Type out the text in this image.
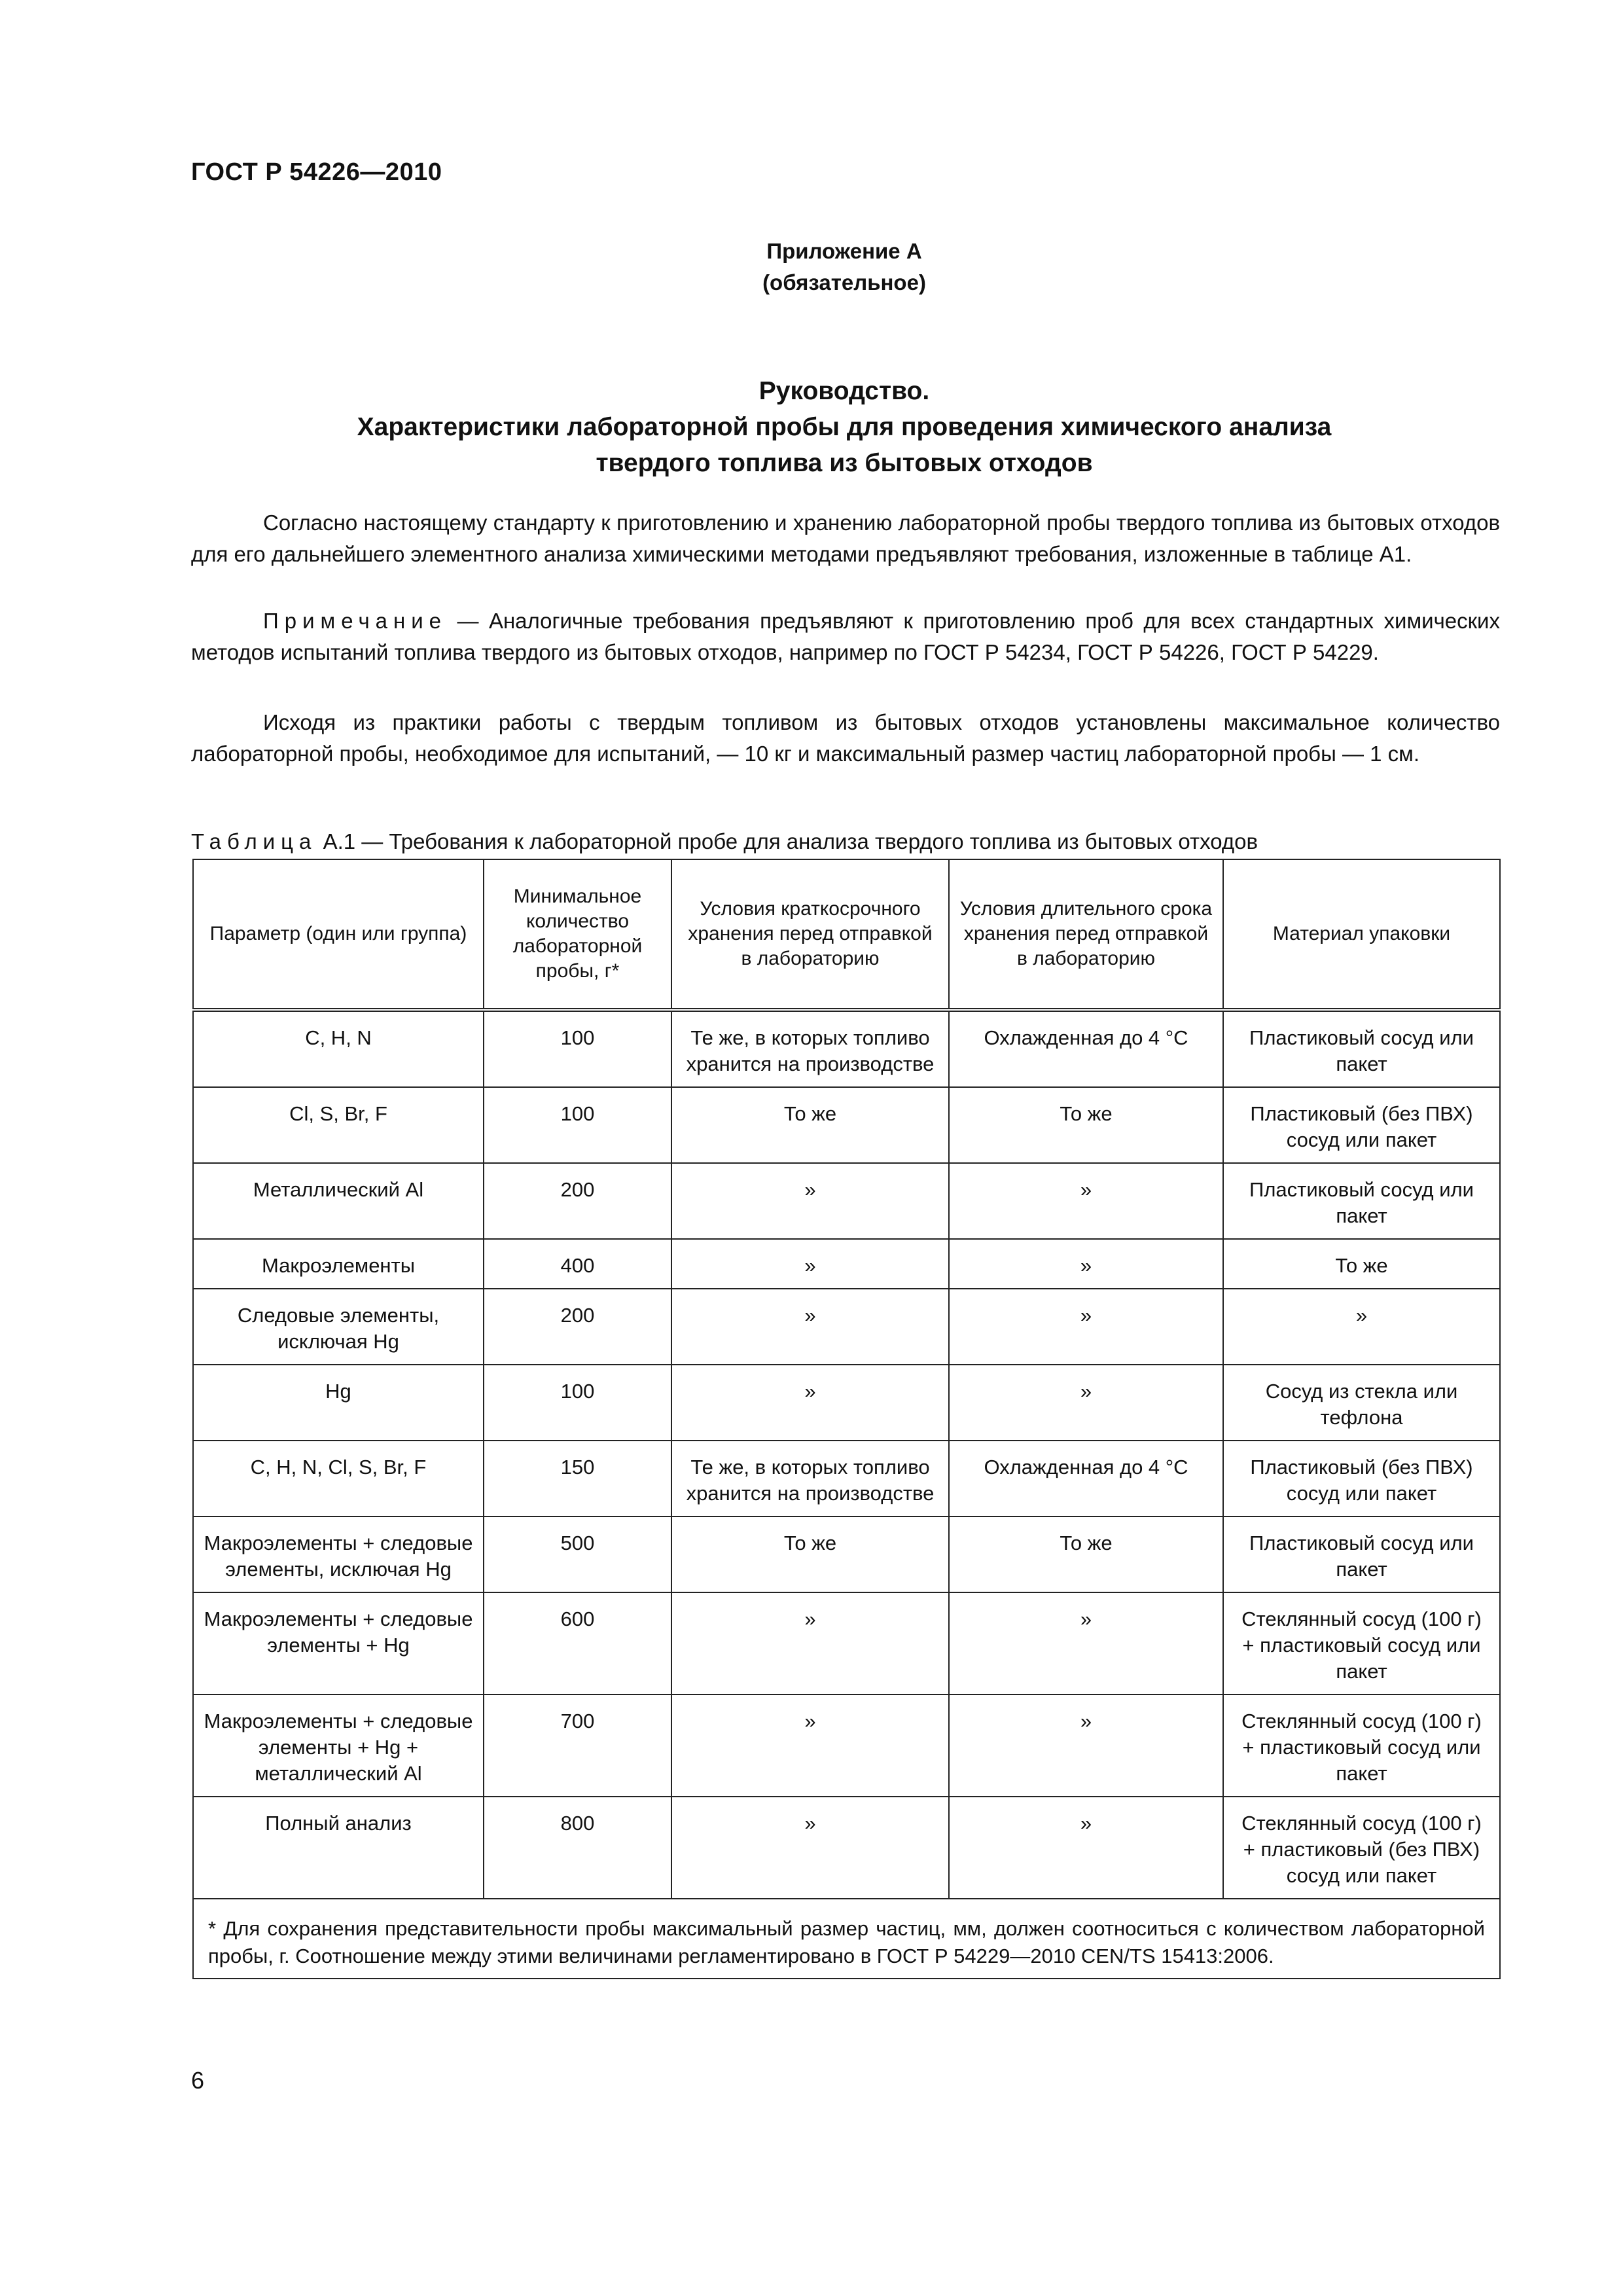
ГОСТ Р 54226—2010
Приложение А
(обязательное)
Руководство.
Характеристики лабораторной пробы для проведения химического анализа
твердого топлива из бытовых отходов

Согласно настоящему стандарту к приготовлению и хранению лабораторной пробы твердого топлива из бытовых отходов для его дальнейшего элементного анализа химическими методами предъявляют требования, изложенные в таблице А1.

Примечание — Аналогичные требования предъявляют к приготовлению проб для всех стандартных химических методов испытаний топлива твердого из бытовых отходов, например по ГОСТ Р 54234, ГОСТ Р 54226, ГОСТ Р 54229.

Исходя из практики работы с твердым топливом из бытовых отходов установлены максимальное количество лабораторной пробы, необходимое для испытаний, — 10 кг и максимальный размер частиц лабораторной пробы — 1 см.

Таблица А.1 — Требования к лабораторной пробе для анализа твердого топлива из бытовых отходов
Параметр (один или группа)	Минимальное количество лабораторной пробы, г*	Условия краткосрочного хранения перед отправкой в лабораторию	Условия длительного срока хранения перед отправкой в лабораторию	Материал упаковки
C, H, N	100	Те же, в которых топливо хранится на производстве	Охлажденная до 4 °С	Пластиковый сосуд или пакет
Cl, S, Br, F	100	То же	То же	Пластиковый (без ПВХ) сосуд или пакет
Металлический Al	200	»	»	Пластиковый сосуд или пакет
Макроэлементы	400	»	»	То же
Следовые элементы, исключая Hg	200	»	»	»
Hg	100	»	»	Сосуд из стекла или тефлона
C, H, N, Cl, S, Br, F	150	Те же, в которых топливо хранится на производстве	Охлажденная до 4 °С	Пластиковый (без ПВХ) сосуд или пакет
Макроэлементы + следовые элементы, исключая Hg	500	То же	То же	Пластиковый сосуд или пакет
Макроэлементы + следовые элементы + Hg	600	»	»	Стеклянный сосуд (100 г) + пластиковый сосуд или пакет
Макроэлементы + следовые элементы + Hg + металлический Al	700	»	»	Стеклянный сосуд (100 г) + пластиковый сосуд или пакет
Полный анализ	800	»	»	Стеклянный сосуд (100 г) + пластиковый (без ПВХ) сосуд или пакет
* Для сохранения представительности пробы максимальный размер частиц, мм, должен соотноситься с количеством лабораторной пробы, г. Соотношение между этими величинами регламентировано в ГОСТ Р 54229—2010 CEN/TS 15413:2006.				
6
